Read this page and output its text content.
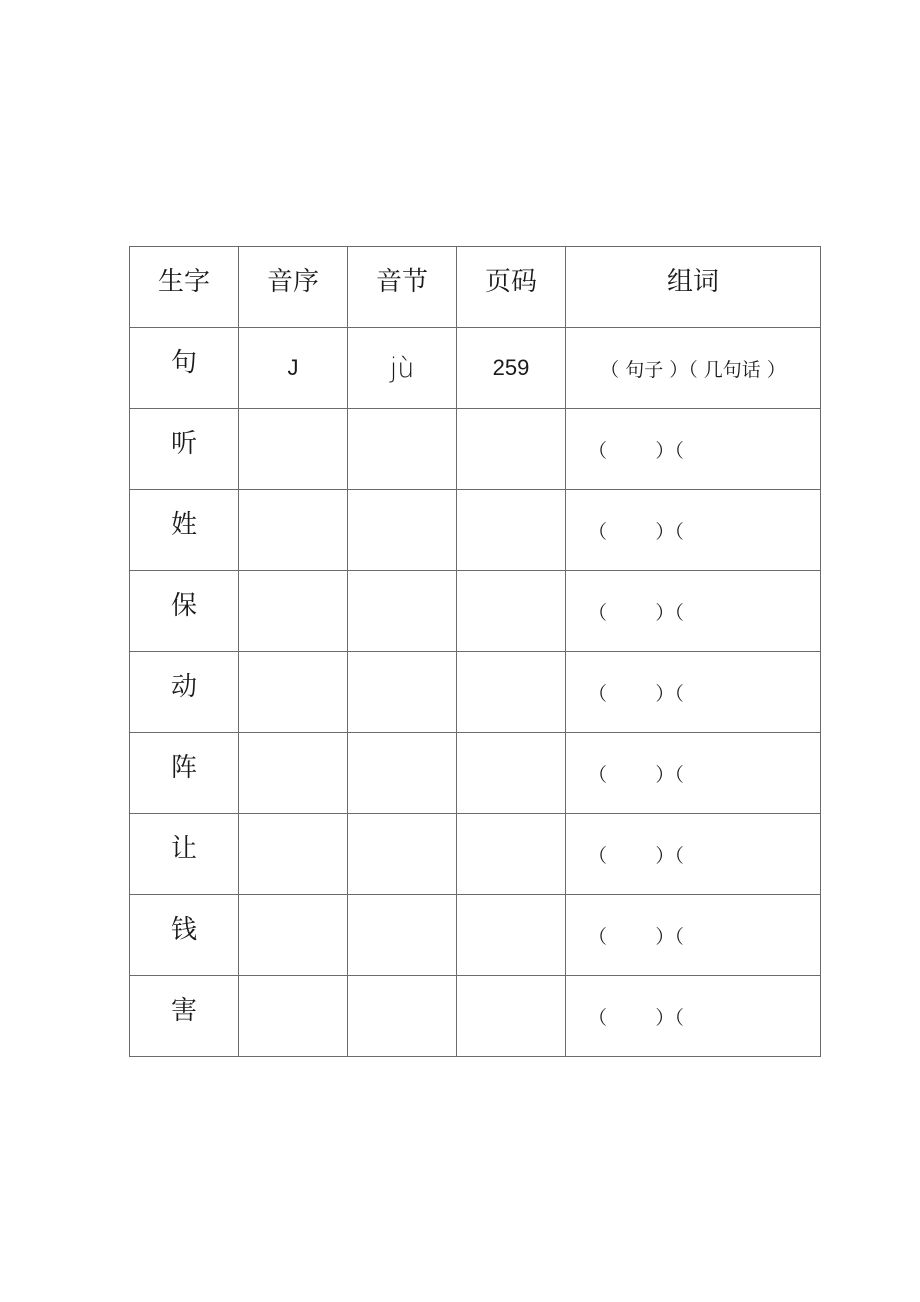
生字	音序	音节	页码	组词
句	J	jù	259	（ 句子 ）（ 几句话 ）
听				（        ）（
姓				（        ）（
保				（        ）（
动				（        ）（
阵				（        ）（
让				（        ）（
钱				（        ）（
害				（        ）（
